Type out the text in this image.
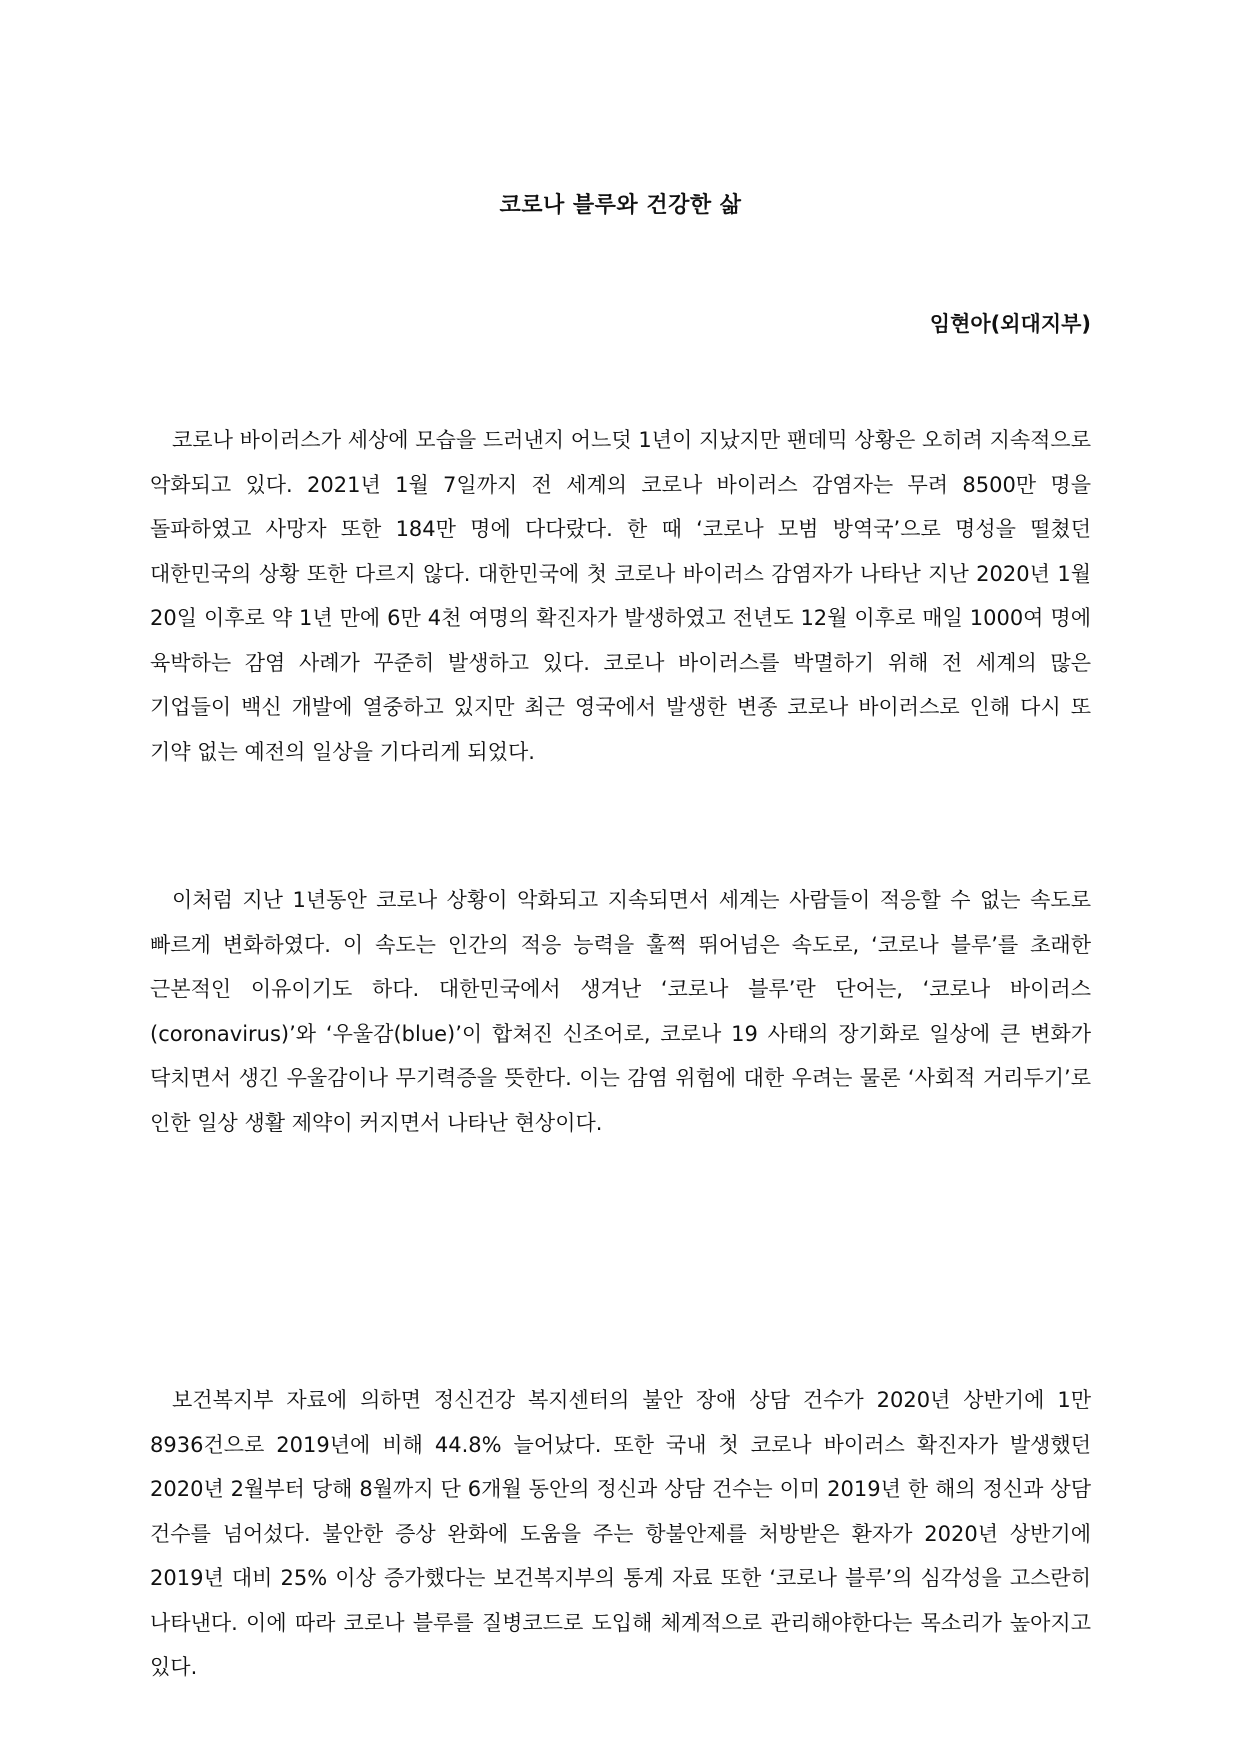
코로나 블루와 건강한 삶

임현아(외대지부)

코로나 바이러스가 세상에 모습을 드러낸지 어느덧 1년이 지났지만 팬데믹 상황은 오히려 지속적으로 악화되고 있다. 2021년 1월 7일까지 전 세계의 코로나 바이러스 감염자는 무려 8500만 명을 돌파하였고 사망자 또한 184만 명에 다다랐다. 한 때 ‘코로나 모범 방역국’으로 명성을 떨쳤던 대한민국의 상황 또한 다르지 않다. 대한민국에 첫 코로나 바이러스 감염자가 나타난 지난 2020년 1월 20일 이후로 약 1년 만에 6만 4천 여명의 확진자가 발생하였고 전년도 12월 이후로 매일 1000여 명에 육박하는 감염 사례가 꾸준히 발생하고 있다. 코로나 바이러스를 박멸하기 위해 전 세계의 많은 기업들이 백신 개발에 열중하고 있지만 최근 영국에서 발생한 변종 코로나 바이러스로 인해 다시 또 기약 없는 예전의 일상을 기다리게 되었다.

이처럼 지난 1년동안 코로나 상황이 악화되고 지속되면서 세계는 사람들이 적응할 수 없는 속도로 빠르게 변화하였다. 이 속도는 인간의 적응 능력을 훌쩍 뛰어넘은 속도로, ‘코로나 블루’를 초래한 근본적인 이유이기도 하다. 대한민국에서 생겨난 ‘코로나 블루’란 단어는, ‘코로나 바이러스(coronavirus)’와 ‘우울감(blue)’이 합쳐진 신조어로, 코로나 19 사태의 장기화로 일상에 큰 변화가 닥치면서 생긴 우울감이나 무기력증을 뜻한다. 이는 감염 위험에 대한 우려는 물론 ‘사회적 거리두기’로 인한 일상 생활 제약이 커지면서 나타난 현상이다.

보건복지부 자료에 의하면 정신건강 복지센터의 불안 장애 상담 건수가 2020년 상반기에 1만 8936건으로 2019년에 비해 44.8% 늘어났다. 또한 국내 첫 코로나 바이러스 확진자가 발생했던 2020년 2월부터 당해 8월까지 단 6개월 동안의 정신과 상담 건수는 이미 2019년 한 해의 정신과 상담 건수를 넘어섰다. 불안한 증상 완화에 도움을 주는 항불안제를 처방받은 환자가 2020년 상반기에 2019년 대비 25% 이상 증가했다는 보건복지부의 통계 자료 또한 ‘코로나 블루’의 심각성을 고스란히 나타낸다. 이에 따라 코로나 블루를 질병코드로 도입해 체계적으로 관리해야한다는 목소리가 높아지고 있다.
